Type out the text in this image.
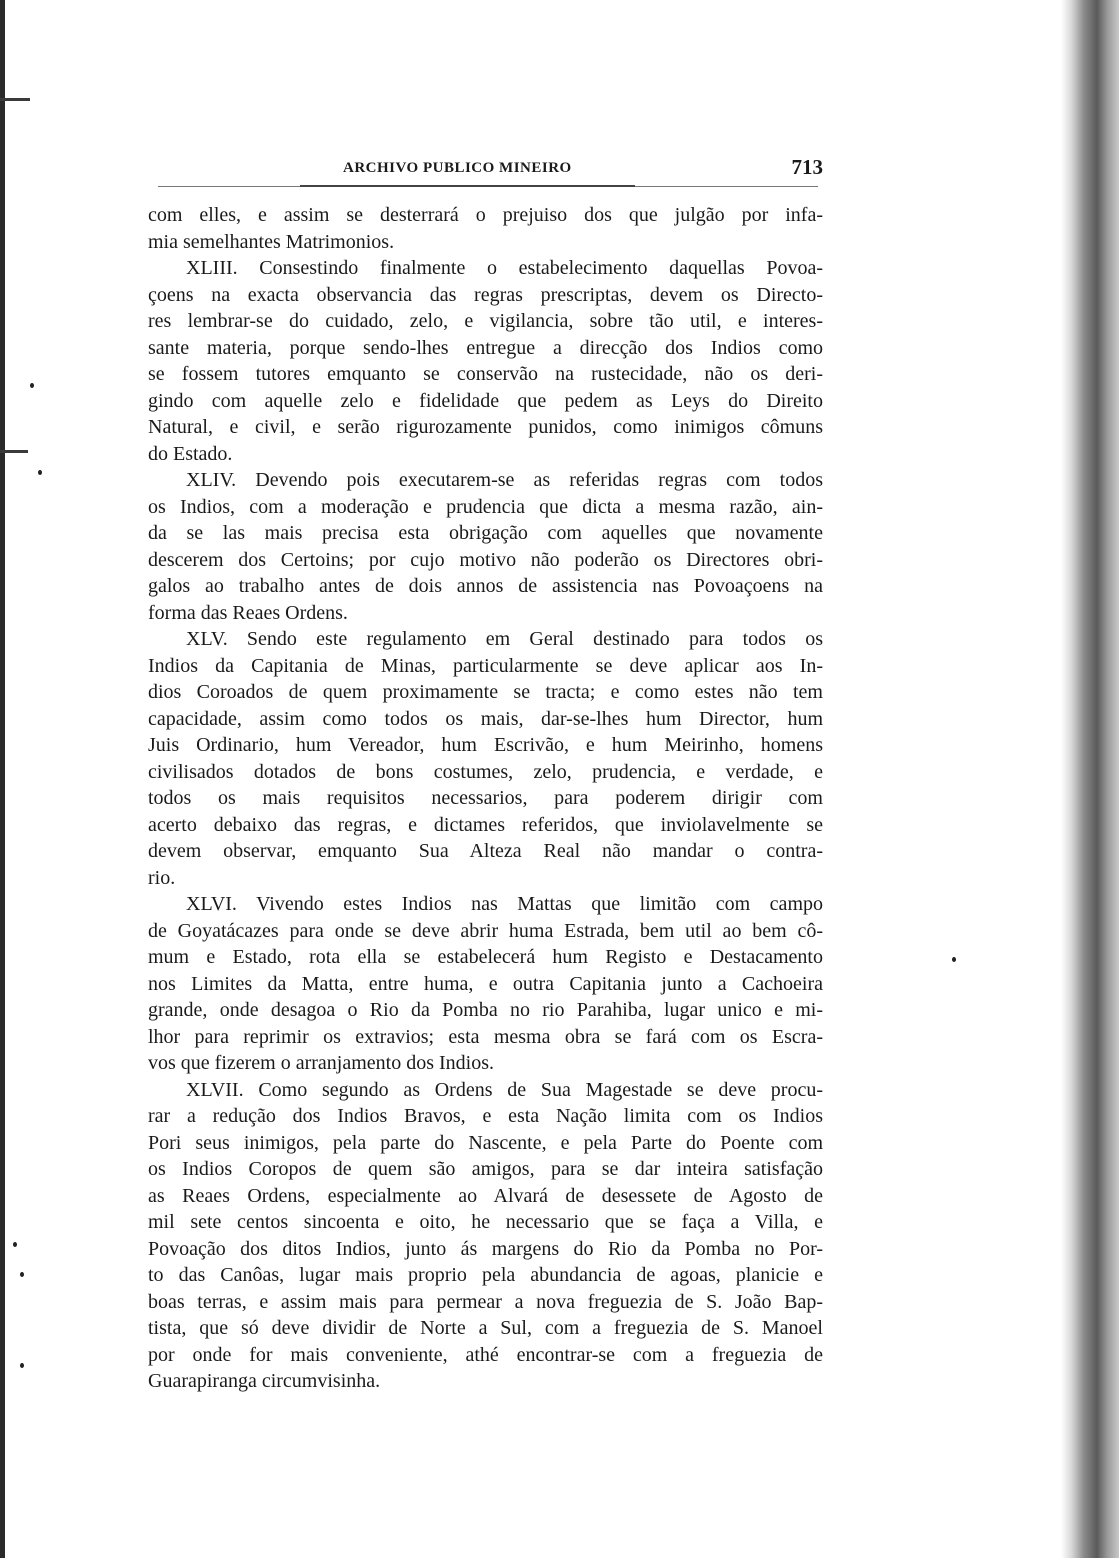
ARCHIVO PUBLICO MINEIRO	713
com elles, e assim se desterrará o prejuiso dos que julgão por infa-
mia semelhantes Matrimonios.
XLIII. Consestindo finalmente o estabelecimento daquellas Povoa-
çoens na exacta observancia das regras prescriptas, devem os Directo-
res lembrar-se do cuidado, zelo, e vigilancia, sobre tão util, e interes-
sante materia, porque sendo-lhes entregue a direcção dos Indios como
se fossem tutores emquanto se conservão na rustecidade, não os deri-
gindo com aquelle zelo e fidelidade que pedem as Leys do Direito
Natural, e civil, e serão rigurozamente punidos, como inimigos cômuns
do Estado.
XLIV. Devendo pois executarem-se as referidas regras com todos
os Indios, com a moderação e prudencia que dicta a mesma razão, ain-
da se las mais precisa esta obrigação com aquelles que novamente
descerem dos Certoins; por cujo motivo não poderão os Directores obri-
galos ao trabalho antes de dois annos de assistencia nas Povoaçoens na
forma das Reaes Ordens.
XLV. Sendo este regulamento em Geral destinado para todos os
Indios da Capitania de Minas, particularmente se deve aplicar aos In-
dios Coroados de quem proximamente se tracta; e como estes não tem
capacidade, assim como todos os mais, dar-se-lhes hum Director, hum
Juis Ordinario, hum Vereador, hum Escrivão, e hum Meirinho, homens
civilisados dotados de bons costumes, zelo, prudencia, e verdade, e
todos os mais requisitos necessarios, para poderem dirigir com
acerto debaixo das regras, e dictames referidos, que inviolavelmente se
devem observar, emquanto Sua Alteza Real não mandar o contra-
rio.
XLVI. Vivendo estes Indios nas Mattas que limitão com campo
de Goyatácazes para onde se deve abrir huma Estrada, bem util ao bem cô-
mum e Estado, rota ella se estabelecerá hum Registo e Destacamento
nos Limites da Matta, entre huma, e outra Capitania junto a Cachoeira
grande, onde desagoa o Rio da Pomba no rio Parahiba, lugar unico e mi-
lhor para reprimir os extravios; esta mesma obra se fará com os Escra-
vos que fizerem o arranjamento dos Indios.
XLVII. Como segundo as Ordens de Sua Magestade se deve procu-
rar a redução dos Indios Bravos, e esta Nação limita com os Indios
Pori seus inimigos, pela parte do Nascente, e pela Parte do Poente com
os Indios Coropos de quem são amigos, para se dar inteira satisfação
as Reaes Ordens, especialmente ao Alvará de desessete de Agosto de
mil sete centos sincoenta e oito, he necessario que se faça a Villa, e
Povoação dos ditos Indios, junto ás margens do Rio da Pomba no Por-
to das Canôas, lugar mais proprio pela abundancia de agoas, planicie e
boas terras, e assim mais para permear a nova freguezia de S. João Bap-
tista, que só deve dividir de Norte a Sul, com a freguezia de S. Manoel
por onde for mais conveniente, athé encontrar-se com a freguezia de
Guarapiranga circumvisinha.
